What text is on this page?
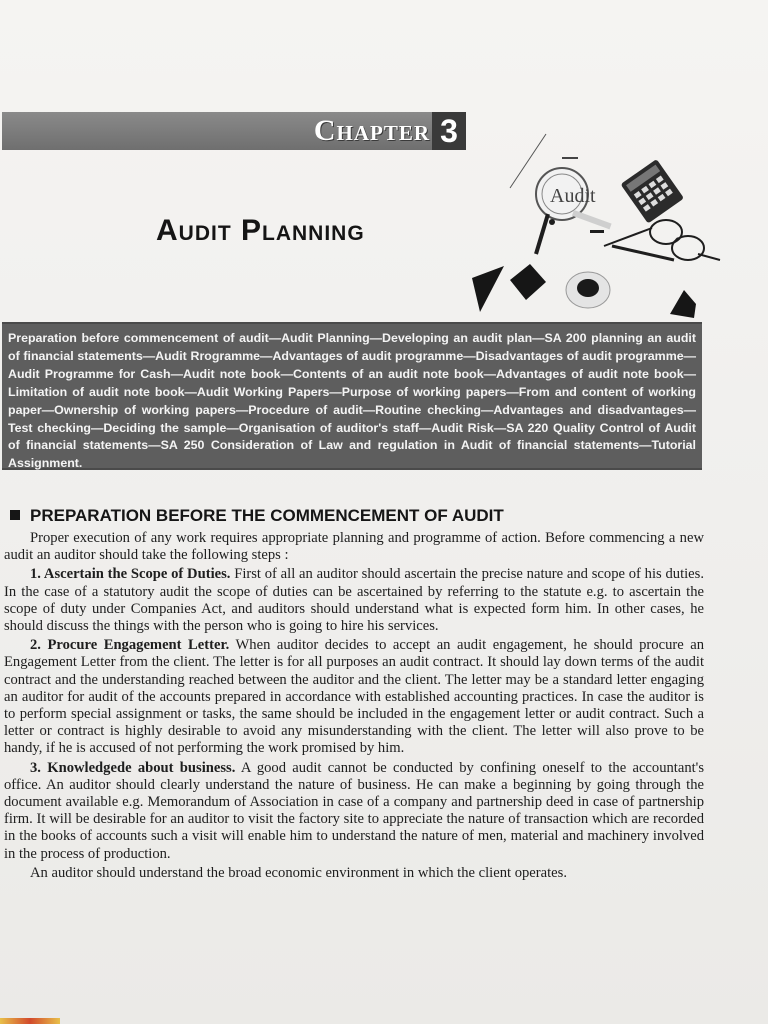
Chapter 3
Audit Planning
Audit

Preparation before commencement of audit—Audit Planning—Developing an audit plan—SA 200 planning an audit of financial statements—Audit Rrogramme—Advantages of audit programme—Disadvantages of audit programme—Audit Programme for Cash—Audit note book—Contents of an audit note book—Advantages of audit note book—Limitation of audit note book—Audit Working Papers—Purpose of working papers—From and content of working paper—Ownership of working papers—Procedure of audit—Routine checking—Advantages and disadvantages—Test checking—Deciding the sample—Organisation of auditor's staff—Audit Risk—SA 220 Quality Control of Audit of financial statements—SA 250 Consideration of Law and regulation in Audit of financial statements—Tutorial Assignment.

PREPARATION BEFORE THE COMMENCEMENT OF AUDIT

Proper execution of any work requires appropriate planning and programme of action. Before commencing a new audit an auditor should take the following steps :

1. Ascertain the Scope of Duties. First of all an auditor should ascertain the precise nature and scope of his duties. In the case of a statutory audit the scope of duties can be ascertained by referring to the statute e.g. to ascertain the scope of duty under Companies Act, and auditors should understand what is expected form him. In other cases, he should discuss the things with the person who is going to hire his services.

2. Procure Engagement Letter. When auditor decides to accept an audit engagement, he should procure an Engagement Letter from the client. The letter is for all purposes an audit contract. It should lay down terms of the audit contract and the understanding reached between the auditor and the client. The letter may be a standard letter engaging an auditor for audit of the accounts prepared in accordance with established accounting practices. In case the auditor is to perform special assignment or tasks, the same should be included in the engagement letter or audit contract. Such a letter or contract is highly desirable to avoid any misunderstanding with the client. The letter will also prove to be handy, if he is accused of not performing the work promised by him.

3. Knowledgede about business. A good audit cannot be conducted by confining oneself to the accountant's office. An auditor should clearly understand the nature of business. He can make a beginning by going through the document available e.g. Memorandum of Association in case of a company and partnership deed in case of partnership firm. It will be desirable for an auditor to visit the factory site to appreciate the nature of transaction which are recorded in the books of accounts such a visit will enable him to understand the nature of men, material and machinery involved in the process of production.

An auditor should understand the broad economic environment in which the client operates.
